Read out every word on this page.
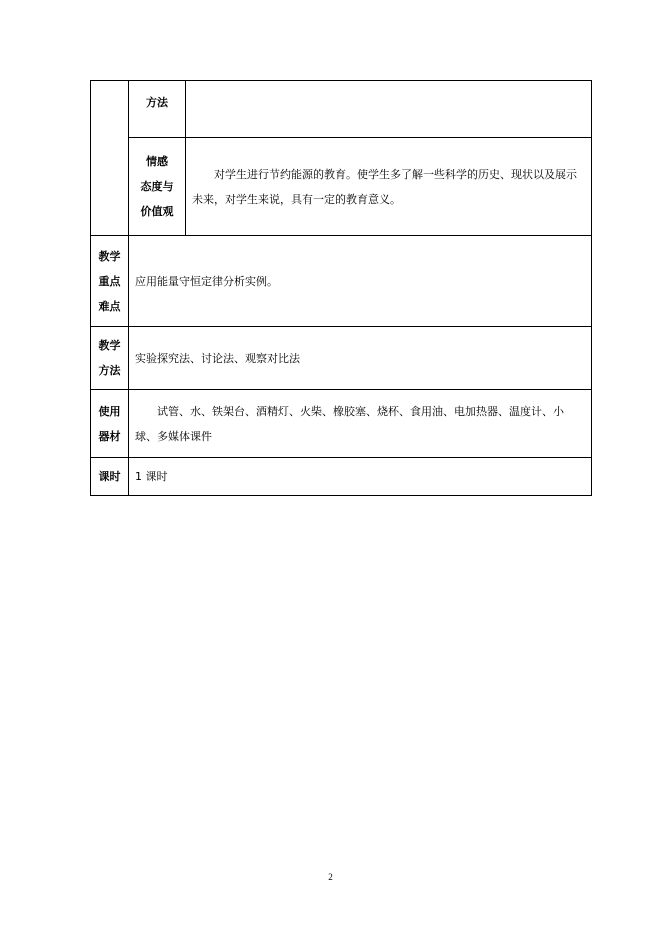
	方法	

	情感
态度与
价值观	对学生进行节约能源的教育。使学生多了解一些科学的历史、现状以及展示未来，对学生来说，具有一定的教育意义。

教学
重点
难点	应用能量守恒定律分析实例。	

教学
方法	实验探究法、讨论法、观察对比法	

使用
器材	试管、水、铁架台、酒精灯、火柴、橡胶塞、烧杯、食用油、电加热器、温度计、小球、多媒体课件	
课时	1 课时	
2
